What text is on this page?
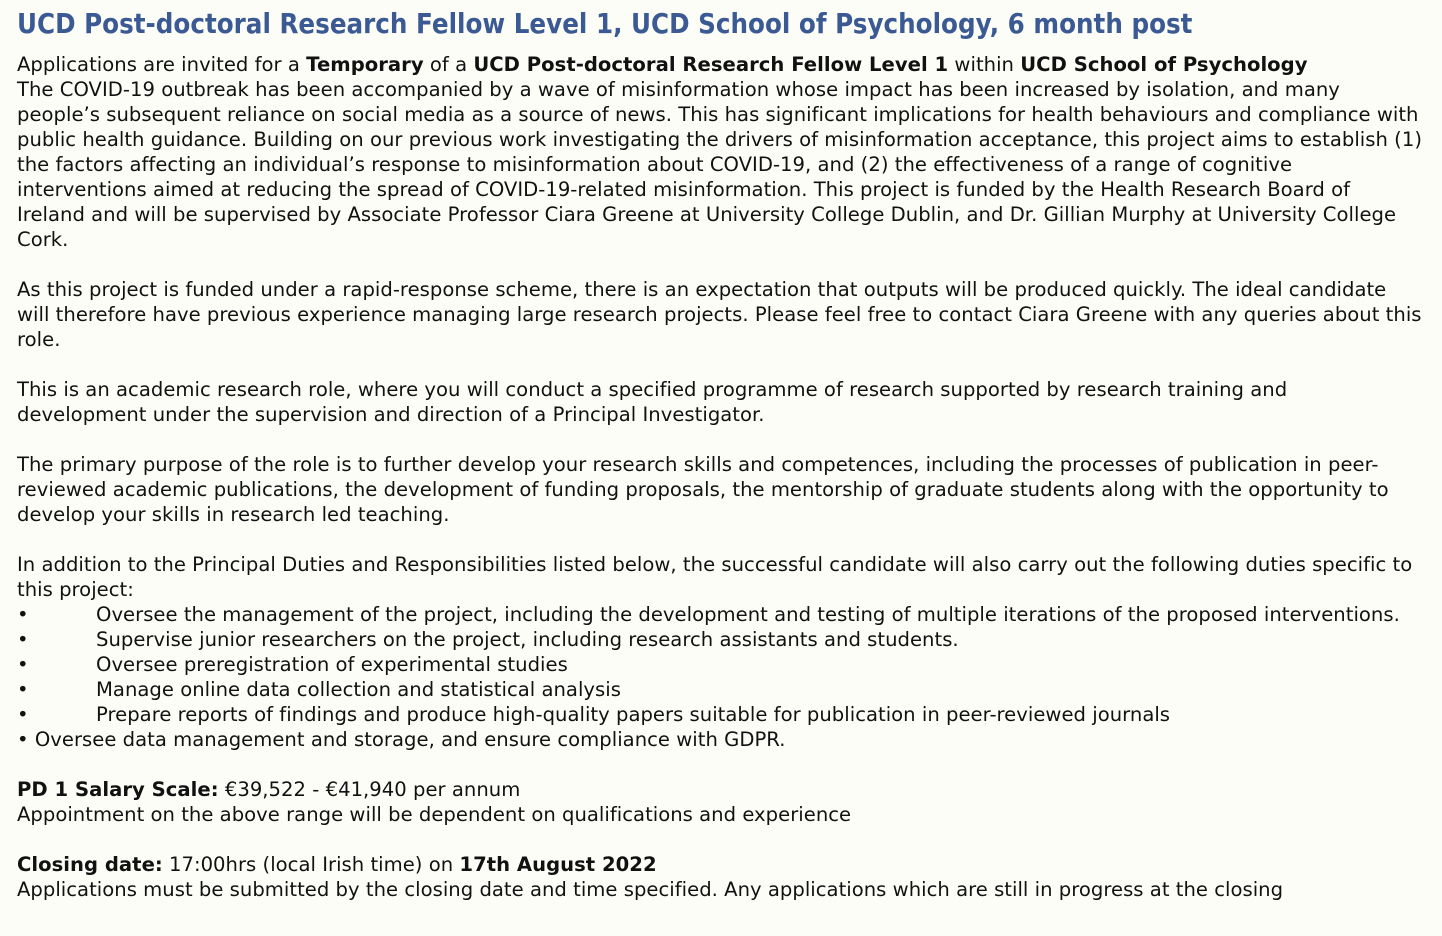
UCD Post-doctoral Research Fellow Level 1, UCD School of Psychology, 6 month post

Applications are invited for a Temporary of a UCD Post-doctoral Research Fellow Level 1 within UCD School of Psychology

The COVID-19 outbreak has been accompanied by a wave of misinformation whose impact has been increased by isolation, and many people’s subsequent reliance on social media as a source of news. This has significant implications for health behaviours and compliance with public health guidance. Building on our previous work investigating the drivers of misinformation acceptance, this project aims to establish (1) the factors affecting an individual’s response to misinformation about COVID-19, and (2) the effectiveness of a range of cognitive interventions aimed at reducing the spread of COVID-19-related misinformation. This project is funded by the Health Research Board of Ireland and will be supervised by Associate Professor Ciara Greene at University College Dublin, and Dr. Gillian Murphy at University College Cork.

As this project is funded under a rapid-response scheme, there is an expectation that outputs will be produced quickly. The ideal candidate will therefore have previous experience managing large research projects. Please feel free to contact Ciara Greene with any queries about this role.

This is an academic research role, where you will conduct a specified programme of research supported by research training and development under the supervision and direction of a Principal Investigator.

The primary purpose of the role is to further develop your research skills and competences, including the processes of publication in peer-reviewed academic publications, the development of funding proposals, the mentorship of graduate students along with the opportunity to develop your skills in research led teaching.

In addition to the Principal Duties and Responsibilities listed below, the successful candidate will also carry out the following duties specific to this project:

•	Oversee the management of the project, including the development and testing of multiple iterations of the proposed interventions.

•	Supervise junior researchers on the project, including research assistants and students.

•	Oversee preregistration of experimental studies

•	Manage online data collection and statistical analysis

•	Prepare reports of findings and produce high-quality papers suitable for publication in peer-reviewed journals

• Oversee data management and storage, and ensure compliance with GDPR.

PD 1 Salary Scale: €39,522 - €41,940 per annum

Appointment on the above range will be dependent on qualifications and experience

Closing date: 17:00hrs (local Irish time) on 17th August 2022

Applications must be submitted by the closing date and time specified. Any applications which are still in progress at the closing
